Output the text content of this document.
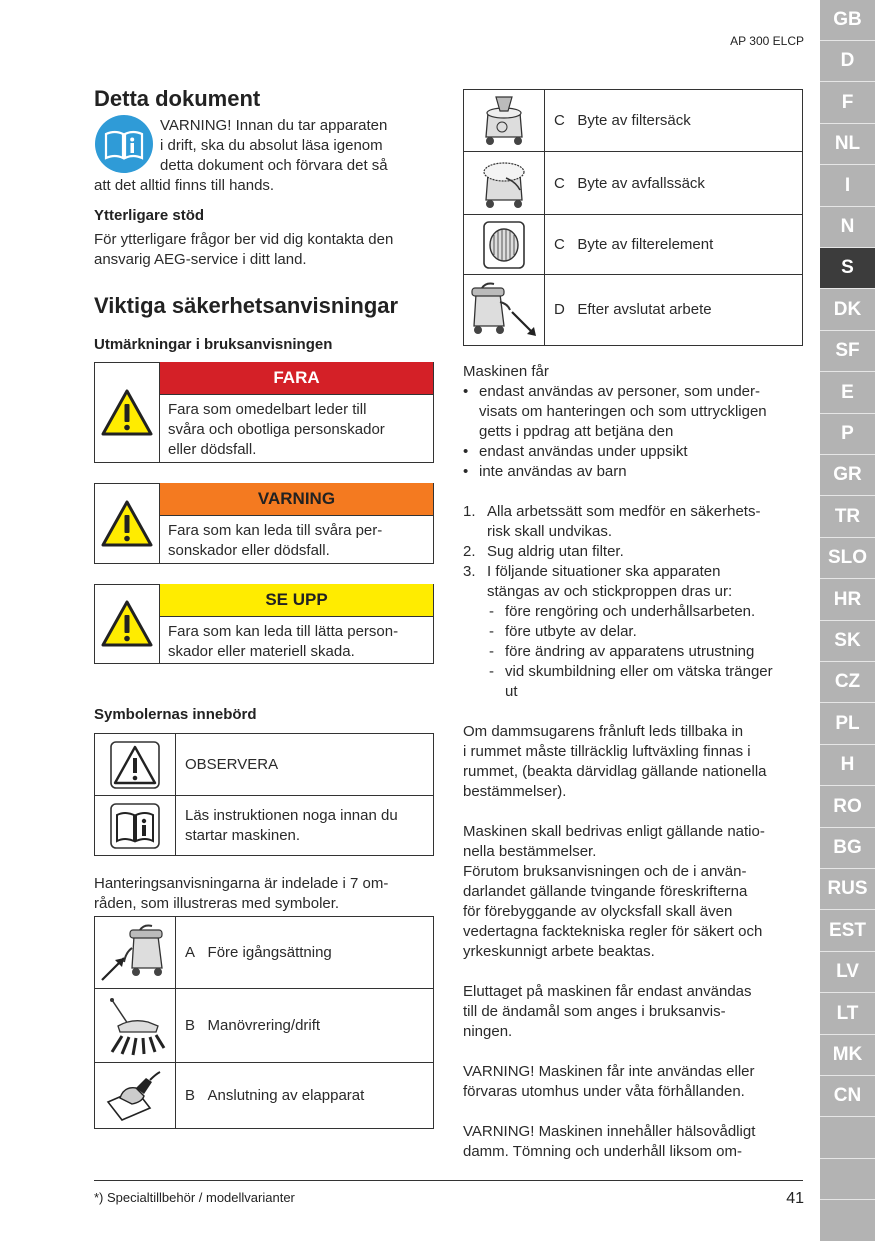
AP 300 ELCP
GB
D
F
NL
I
N
S
DK
SF
E
P
GR
TR
SLO
HR
SK
CZ
PL
H
RO
BG
RUS
EST
LV
LT
MK
CN
Detta dokument
VARNING! Innan du tar apparaten
i drift, ska du absolut läsa igenom
detta dokument och förvara det så
att det alltid finns till hands.
Ytterligare stöd
För ytterligare frågor ber vid dig kontakta den
ansvarig AEG-service i ditt land.
Viktiga säkerhetsanvisningar
Utmärkningar i bruksanvisningen
FARA
Fara som omedelbart leder till
svåra och obotliga personskador
eller dödsfall.
VARNING
Fara som kan leda till svåra per-
sonskador eller dödsfall.
SE UPP
Fara som kan leda till lätta person-
skador eller materiell skada.
Symbolernas innebörd
OBSERVERA
Läs instruktionen noga innan du
startar maskinen.
Hanteringsanvisningarna är indelade i 7 om-
råden, som illustreras med symboler.
A Före igångsättning
B Manövrering/drift
B Anslutning av elapparat
C Byte av filtersäck
C Byte av avfallssäck
C Byte av filterelement
D Efter avslutat arbete
Maskinen får
• endast användas av personer, som under-
visats om hanteringen och som uttryckligen
getts i ppdrag att betjäna den
• endast användas under uppsikt
• inte användas av barn
1. Alla arbetssätt som medför en säkerhets-
risk skall undvikas.
2. Sug aldrig utan filter.
3. I följande situationer ska apparaten
stängas av och stickproppen dras ur:
- före rengöring och underhållsarbeten.
- före utbyte av delar.
- före ändring av apparatens utrustning
- vid skumbildning eller om vätska tränger
ut
Om dammsugarens frånluft leds tillbaka in
i rummet måste tillräcklig luftväxling finnas i
rummet, (beakta därvidlag gällande nationella
bestämmelser).
Maskinen skall bedrivas enligt gällande natio-
nella bestämmelser.
Förutom bruksanvisningen och de i använ-
darlandet gällande tvingande föreskrifterna
för förebyggande av olycksfall skall även
vedertagna facktekniska regler för säkert och
yrkeskunnigt arbete beaktas.
Eluttaget på maskinen får endast användas
till de ändamål som anges i bruksanvis-
ningen.
VARNING! Maskinen får inte användas eller
förvaras utomhus under våta förhållanden.
VARNING! Maskinen innehåller hälsovådligt
damm. Tömning och underhåll liksom om-
*) Specialtillbehör / modellvarianter	41
